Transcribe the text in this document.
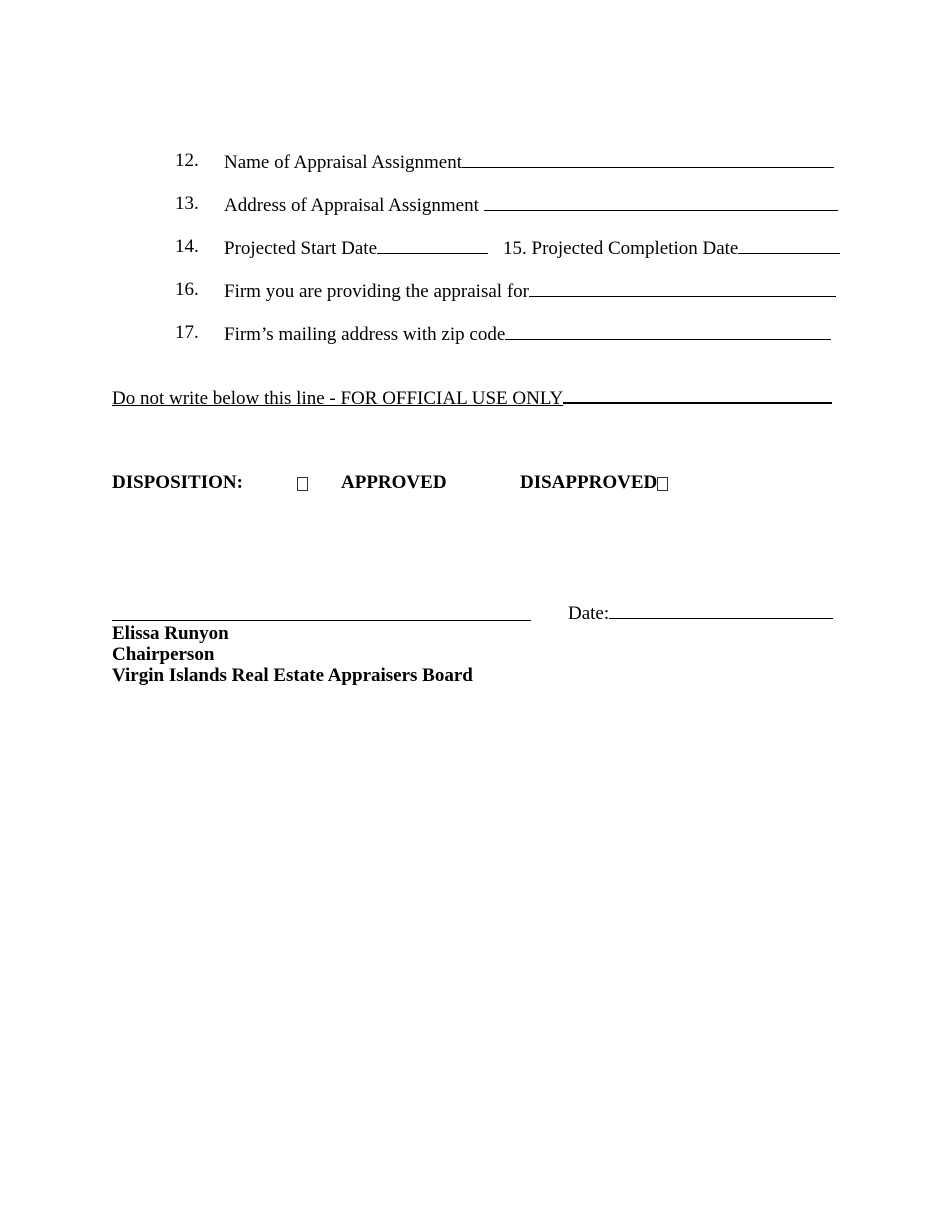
12. Name of Appraisal Assignment
13. Address of Appraisal Assignment
14. Projected Start Date	15. Projected Completion Date
16. Firm you are providing the appraisal for
17. Firm’s mailing address with zip code
Do not write below this line - FOR OFFICIAL USE ONLY
DISPOSITION:	APPROVED	DISAPPROVED
Date:
Elissa Runyon
Chairperson
Virgin Islands Real Estate Appraisers Board
